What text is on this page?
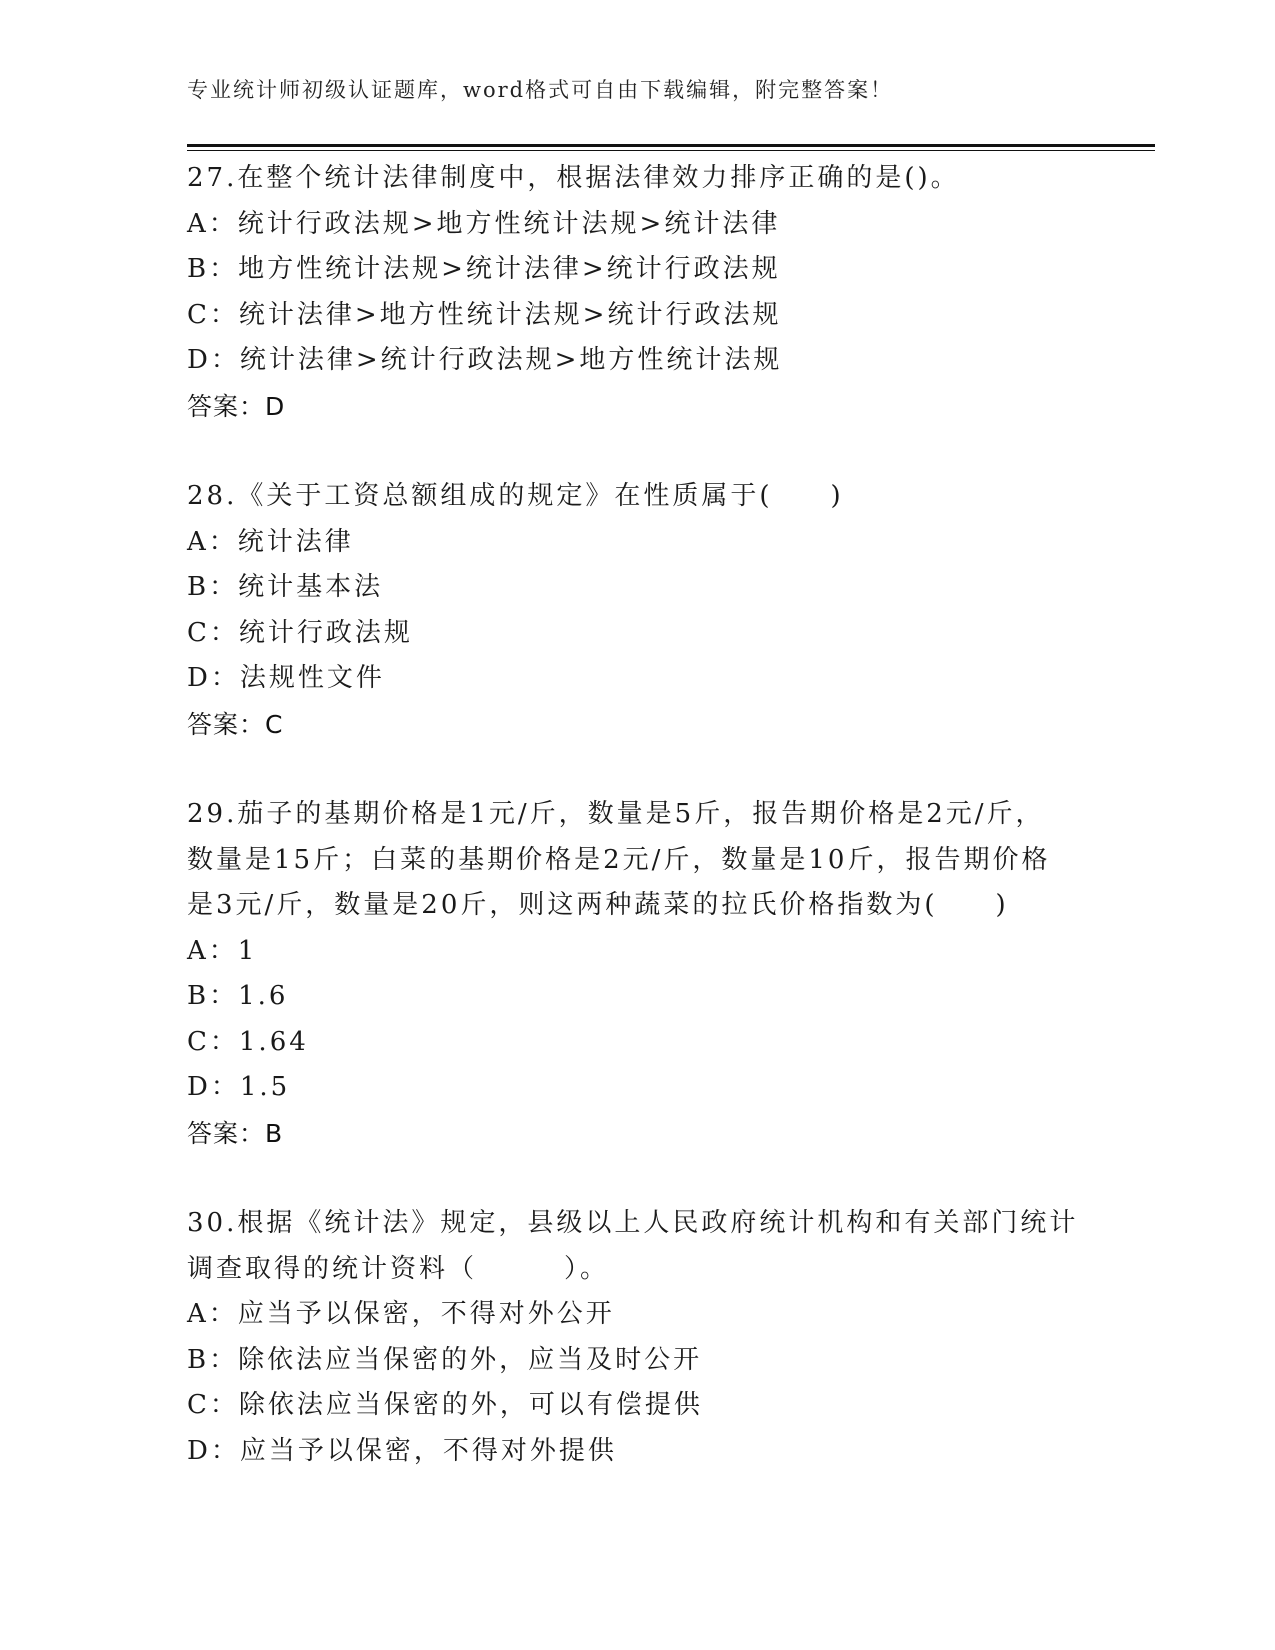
专业统计师初级认证题库，word格式可自由下载编辑，附完整答案！

27.在整个统计法律制度中，根据法律效力排序正确的是()。

A：统计行政法规>地方性统计法规>统计法律

B：地方性统计法规>统计法律>统计行政法规

C：统计法律>地方性统计法规>统计行政法规

D：统计法律>统计行政法规>地方性统计法规

答案：D

28.《关于工资总额组成的规定》在性质属于(　　)

A：统计法律

B：统计基本法

C：统计行政法规

D：法规性文件

答案：C

29.茄子的基期价格是1元/斤，数量是5斤，报告期价格是2元/斤，

数量是15斤；白菜的基期价格是2元/斤，数量是10斤，报告期价格

是3元/斤，数量是20斤，则这两种蔬菜的拉氏价格指数为(　　)

A：1

B：1.6

C：1.64

D：1.5

答案：B

30.根据《统计法》规定，县级以上人民政府统计机构和有关部门统计

调查取得的统计资料（　　　）。

A：应当予以保密，不得对外公开

B：除依法应当保密的外，应当及时公开

C：除依法应当保密的外，可以有偿提供

D：应当予以保密，不得对外提供
